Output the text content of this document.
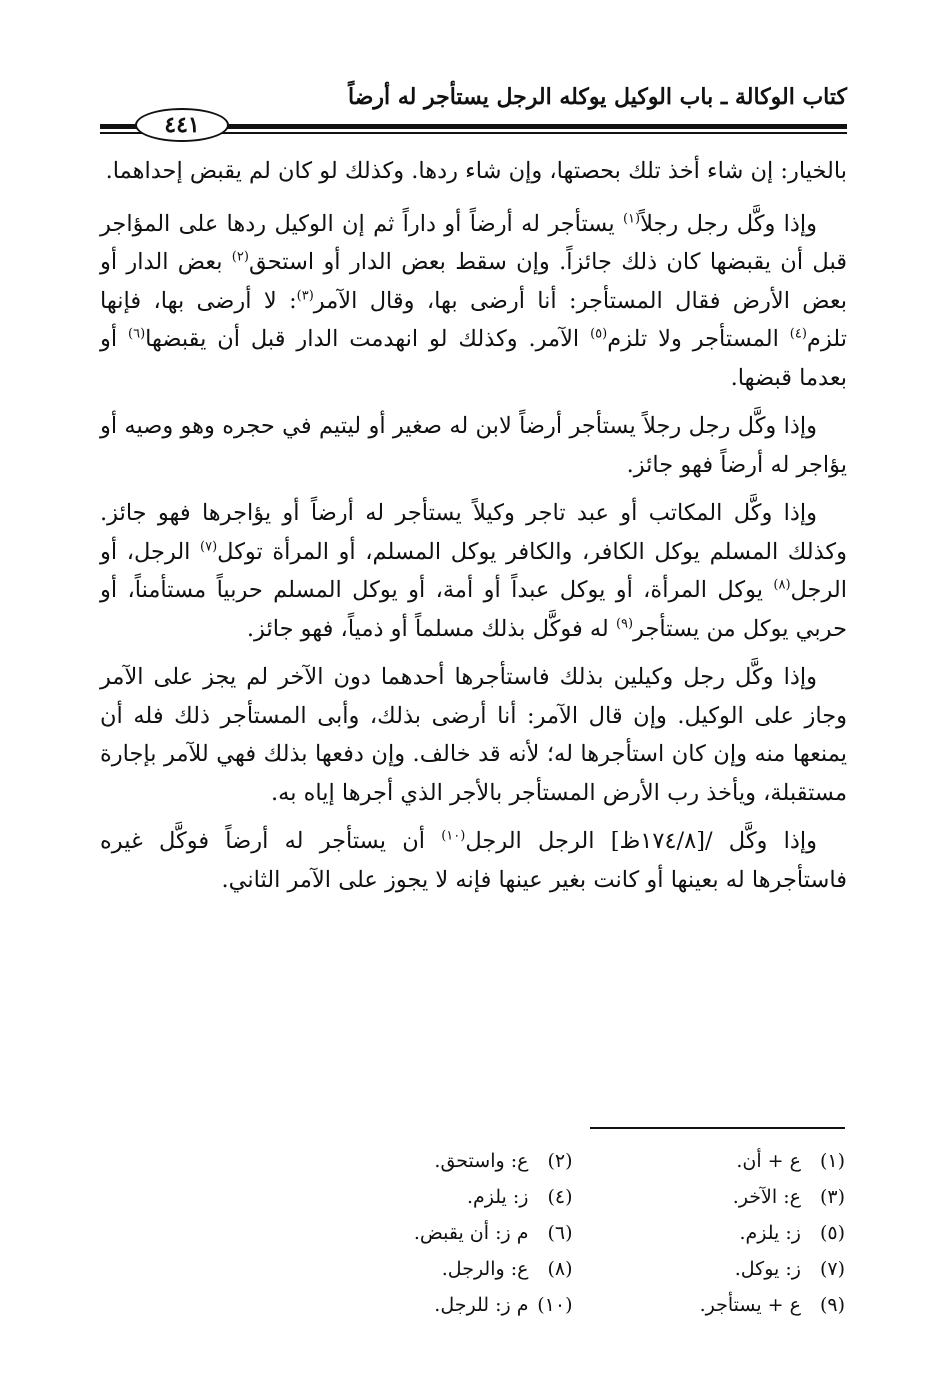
كتاب الوكالة ـ باب الوكيل يوكله الرجل يستأجر له أرضاً
٤٤١

بالخيار: إن شاء أخذ تلك بحصتها، وإن شاء ردها. وكذلك لو كان لم يقبض إحداهما.

وإذا وكَّل رجل رجلاً$^{(١)}$ يستأجر له أرضاً أو داراً ثم إن الوكيل ردها على المؤاجر قبل أن يقبضها كان ذلك جائزاً. وإن سقط بعض الدار أو استحق$^{(٢)}$ بعض الدار أو بعض الأرض فقال المستأجر: أنا أرضى بها، وقال الآمر$^{(٣)}$: لا أرضى بها، فإنها تلزم$^{(٤)}$ المستأجر ولا تلزم$^{(٥)}$ الآمر. وكذلك لو انهدمت الدار قبل أن يقبضها$^{(٦)}$ أو بعدما قبضها.

وإذا وكَّل رجل رجلاً يستأجر أرضاً لابن له صغير أو ليتيم في حجره وهو وصيه أو يؤاجر له أرضاً فهو جائز.

وإذا وكَّل المكاتب أو عبد تاجر وكيلاً يستأجر له أرضاً أو يؤاجرها فهو جائز. وكذلك المسلم يوكل الكافر، والكافر يوكل المسلم، أو المرأة توكل$^{(٧)}$ الرجل، أو الرجل$^{(٨)}$ يوكل المرأة، أو يوكل عبداً أو أمة، أو يوكل المسلم حربياً مستأمناً، أو حربي يوكل من يستأجر$^{(٩)}$ له فوكَّل بذلك مسلماً أو ذمياً، فهو جائز.

وإذا وكَّل رجل وكيلين بذلك فاستأجرها أحدهما دون الآخر لم يجز على الآمر وجاز على الوكيل. وإن قال الآمر: أنا أرضى بذلك، وأبى المستأجر ذلك فله أن يمنعها منه وإن كان استأجرها له؛ لأنه قد خالف. وإن دفعها بذلك فهي للآمر بإجارة مستقبلة، ويأخذ رب الأرض المستأجر بالأجر الذي أجرها إياه به.

وإذا وكَّل /[١٧٤/٨ظ] الرجل الرجل$^{(١٠)}$ أن يستأجر له أرضاً فوكَّل غيره فاستأجرها له بعينها أو كانت بغير عينها فإنه لا يجوز على الآمر الثاني.

(١) ع + أن.
(٢) ع: واستحق.
(٣) ع: الآخر.
(٤) ز: يلزم.
(٥) ز: يلزم.
(٦) م ز: أن يقبض.
(٧) ز: يوكل.
(٨) ع: والرجل.
(٩) ع + يستأجر.
(١٠) م ز: للرجل.
